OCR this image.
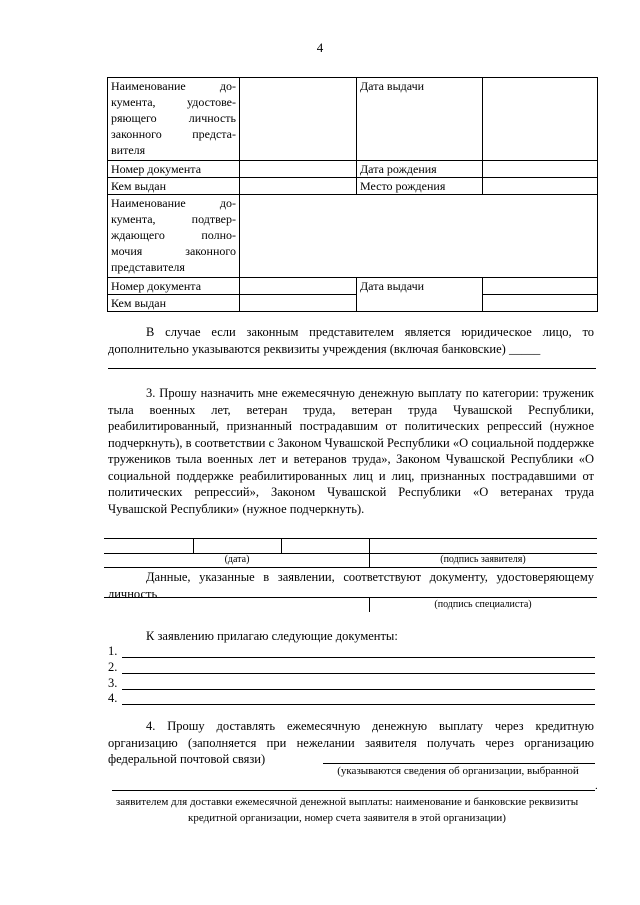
4
Наименование до-
кумента, удостове-
ряющего личность
законного предста-
вителя		Дата выдачи	
Номер документа		Дата рождения	
Кем выдан		Место рождения	

Наименование до-
кумента, подтвер-
ждающего полно-
мочия законного
представителя			

Номер документа		Дата выдачи	
Кем выдан			
В случае если законным представителем является юридическое лицо, то дополнительно указываются реквизиты учреждения (включая банковские) _____
3. Прошу назначить мне ежемесячную денежную выплату по категории: труженик тыла военных лет, ветеран труда, ветеран труда Чувашской Республики, реабилитированный, признанный пострадавшим от политических репрессий (нужное подчеркнуть), в соответствии с Законом Чувашской Республики «О социальной поддержке тружеников тыла военных лет и ветеранов труда», Законом Чувашской Республики «О социальной поддержке реабилитированных лиц и лиц, признанных пострадавшими от политических репрессий», Законом Чувашской Республики «О ветеранах труда Чувашской Республики» (нужное подчеркнуть).
(дата)	(подпись заявителя)
Данные, указанные в заявлении, соответствуют документу, удостоверяющему личность
(подпись специалиста)
К заявлению прилагаю следующие документы:
1.
2.
3.
4.
4. Прошу доставлять ежемесячную денежную выплату через кредитную организацию (заполняется при нежелании заявителя получать через организацию федеральной почтовой связи)
(указываются сведения об организации, выбранной
.
заявителем для доставки ежемесячной денежной выплаты: наименование и банковские реквизиты кредитной организации, номер счета заявителя в этой организации)
